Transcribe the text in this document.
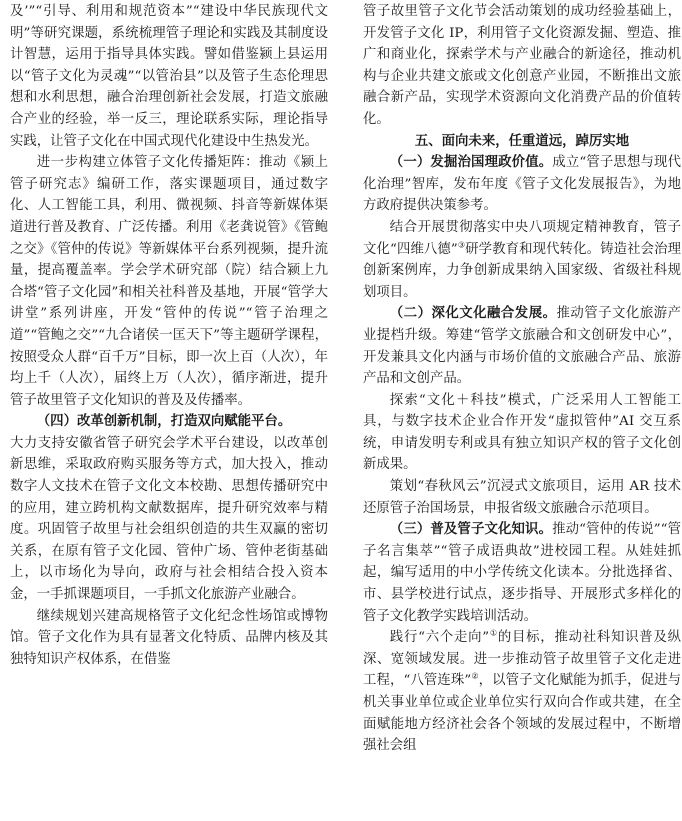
及’”“引导、利用和规范资本”“建设中华民族现代文明”等研究课题，系统梳理管子理论和实践及其制度设计智慧，运用于指导具体实践。譬如借鉴颍上县运用以“管子文化为灵魂”“以管治县”以及管子生态伦理思想和水利思想，融合治理创新社会发展，打造文旅融合产业的经验，举一反三，理论联系实际，理论指导实践，让管子文化在中国式现代化建设中生热发光。

进一步构建立体管子文化传播矩阵：推动《颍上管子研究志》编研工作，落实课题项目，通过数字化、人工智能工具，利用、微视频、抖音等新媒体渠道进行普及教育、广泛传播。利用《老龚说管》《管鲍之交》《管仲的传说》等新媒体平台系列视频，提升流量，提高覆盖率。学会学术研究部（院）结合颍上九合塔“管子文化园”和相关社科普及基地，开展“管学大讲堂”系列讲座，开发“管仲的传说”“管子治理之道”“管鲍之交”“九合诸侯一匡天下”等主题研学课程，按照受众人群“百千万”目标，即一次上百（人次），年均上千（人次），届终上万（人次），循序渐进，提升管子故里管子文化知识的普及及传播率。

（四）改革创新机制，打造双向赋能平台。

大力支持安徽省管子研究会学术平台建设，以改革创新思维，采取政府购买服务等方式，加大投入，推动数字人文技术在管子文化文本校勘、思想传播研究中的应用，建立跨机构文献数据库，提升研究效率与精度。巩固管子故里与社会组织创造的共生双赢的密切关系，在原有管子文化园、管仲广场、管仲老街基础上，以市场化为导向，政府与社会相结合投入资本金，一手抓课题项目，一手抓文化旅游产业融合。

继续规划兴建高规格管子文化纪念性场馆或博物馆。管子文化作为具有显著文化特质、品牌内核及其独特知识产权体系，在借鉴

管子故里管子文化节会活动策划的成功经验基础上，开发管子文化 IP，利用管子文化资源发掘、塑造、推广和商业化，探索学术与产业融合的新途径，推动机构与企业共建文旅或文化创意产业园，不断推出文旅融合新产品，实现学术资源向文化消费产品的价值转化。

五、面向未来，任重道远，踔厉实地

（一）发掘治国理政价值。成立“管子思想与现代化治理”智库，发布年度《管子文化发展报告》，为地方政府提供决策参考。

结合开展贯彻落实中央八项规定精神教育，管子文化“四维八德”③研学教育和现代转化。铸造社会治理创新案例库，力争创新成果纳入国家级、省级社科规划项目。

（二）深化文化融合发展。推动管子文化旅游产业提档升级。筹建“管学文旅融合和文创研发中心”，开发兼具文化内涵与市场价值的文旅融合产品、旅游产品和文创产品。

探索“文化＋科技”模式，广泛采用人工智能工具，与数字技术企业合作开发“虚拟管仲”AI 交互系统，申请发明专利或具有独立知识产权的管子文化创新成果。

策划“春秋风云”沉浸式文旅项目，运用 AR 技术还原管子治国场景，申报省级文旅融合示范项目。

（三）普及管子文化知识。推动“管仲的传说”“管子名言集萃”“管子成语典故”进校园工程。从娃娃抓起，编写适用的中小学传统文化读本。分批选择省、市、县学校进行试点，逐步指导、开展形式多样化的管子文化教学实践培训活动。

践行“六个走向”①的目标，推动社科知识普及纵深、宽领域发展。进一步推动管子故里管子文化走进工程，“八管连珠”②，以管子文化赋能为抓手，促进与机关事业单位或企业单位实行双向合作或共建，在全面赋能地方经济社会各个领域的发展过程中，不断增强社会组
